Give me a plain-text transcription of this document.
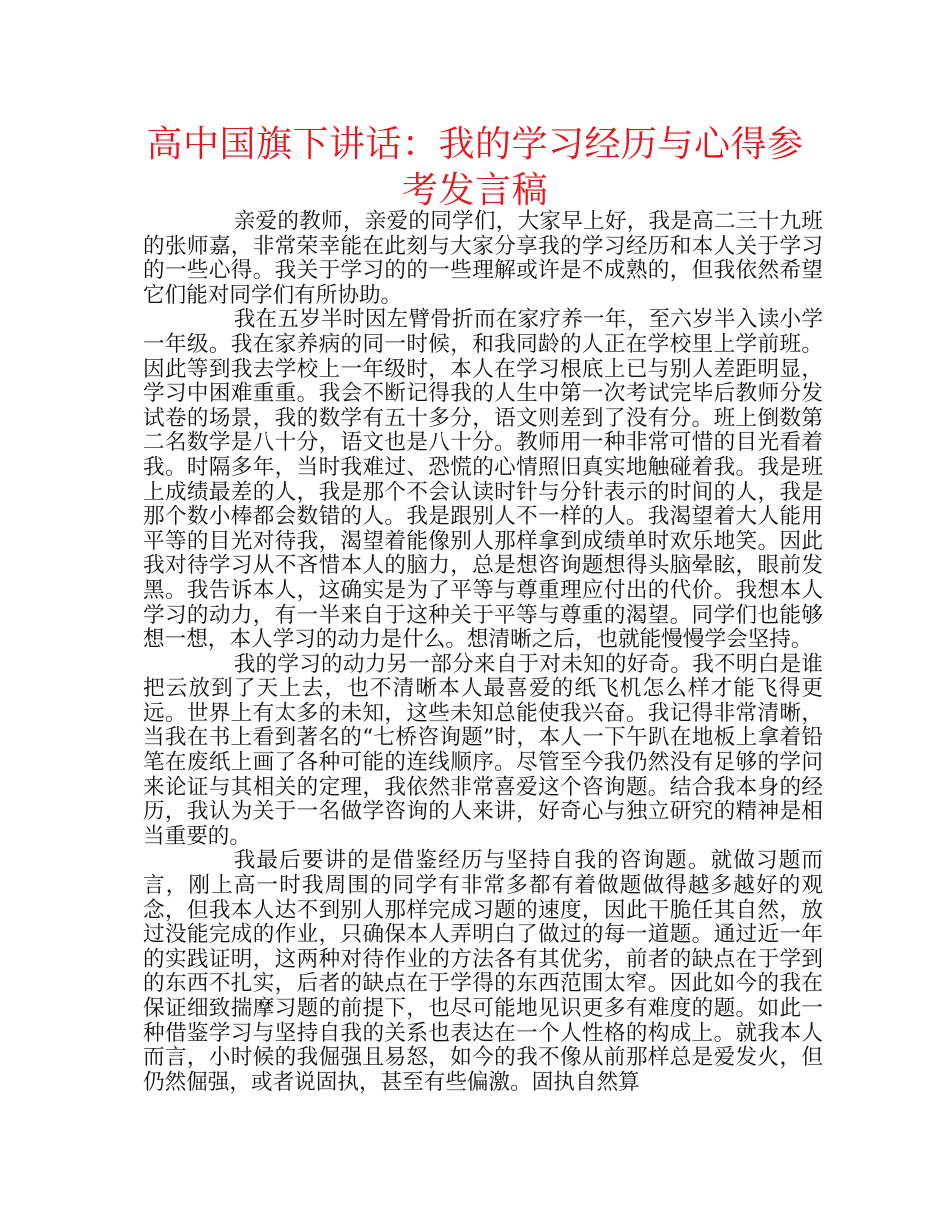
高中国旗下讲话：我的学习经历与心得参考发言稿

亲爱的教师，亲爱的同学们，大家早上好，我是高二三十九班的张师嘉，非常荣幸能在此刻与大家分享我的学习经历和本人关于学习的一些心得。我关于学习的的一些理解或许是不成熟的，但我依然希望它们能对同学们有所协助。

我在五岁半时因左臂骨折而在家疗养一年，至六岁半入读小学一年级。我在家养病的同一时候，和我同龄的人正在学校里上学前班。因此等到我去学校上一年级时，本人在学习根底上已与别人差距明显，学习中困难重重。我会不断记得我的人生中第一次考试完毕后教师分发试卷的场景，我的数学有五十多分，语文则差到了没有分。班上倒数第二名数学是八十分，语文也是八十分。教师用一种非常可惜的目光看着我。时隔多年，当时我难过、恐慌的心情照旧真实地触碰着我。我是班上成绩最差的人，我是那个不会认读时针与分针表示的时间的人，我是那个数小棒都会数错的人。我是跟别人不一样的人。我渴望着大人能用平等的目光对待我，渴望着能像别人那样拿到成绩单时欢乐地笑。因此我对待学习从不吝惜本人的脑力，总是想咨询题想得头脑晕眩，眼前发黑。我告诉本人，这确实是为了平等与尊重理应付出的代价。我想本人学习的动力，有一半来自于这种关于平等与尊重的渴望。同学们也能够想一想，本人学习的动力是什么。想清晰之后，也就能慢慢学会坚持。

我的学习的动力另一部分来自于对未知的好奇。我不明白是谁把云放到了天上去，也不清晰本人最喜爱的纸飞机怎么样才能飞得更远。世界上有太多的未知，这些未知总能使我兴奋。我记得非常清晰，当我在书上看到著名的“七桥咨询题”时，本人一下午趴在地板上拿着铅笔在废纸上画了各种可能的连线顺序。尽管至今我仍然没有足够的学问来论证与其相关的定理，我依然非常喜爱这个咨询题。结合我本身的经历，我认为关于一名做学咨询的人来讲，好奇心与独立研究的精神是相当重要的。

我最后要讲的是借鉴经历与坚持自我的咨询题。就做习题而言，刚上高一时我周围的同学有非常多都有着做题做得越多越好的观念，但我本人达不到别人那样完成习题的速度，因此干脆任其自然，放过没能完成的作业，只确保本人弄明白了做过的每一道题。通过近一年的实践证明，这两种对待作业的方法各有其优劣，前者的缺点在于学到的东西不扎实，后者的缺点在于学得的东西范围太窄。因此如今的我在保证细致揣摩习题的前提下，也尽可能地见识更多有难度的题。如此一种借鉴学习与坚持自我的关系也表达在一个人性格的构成上。就我本人而言，小时候的我倔强且易怒，如今的我不像从前那样总是爱发火，但仍然倔强，或者说固执，甚至有些偏激。固执自然算
